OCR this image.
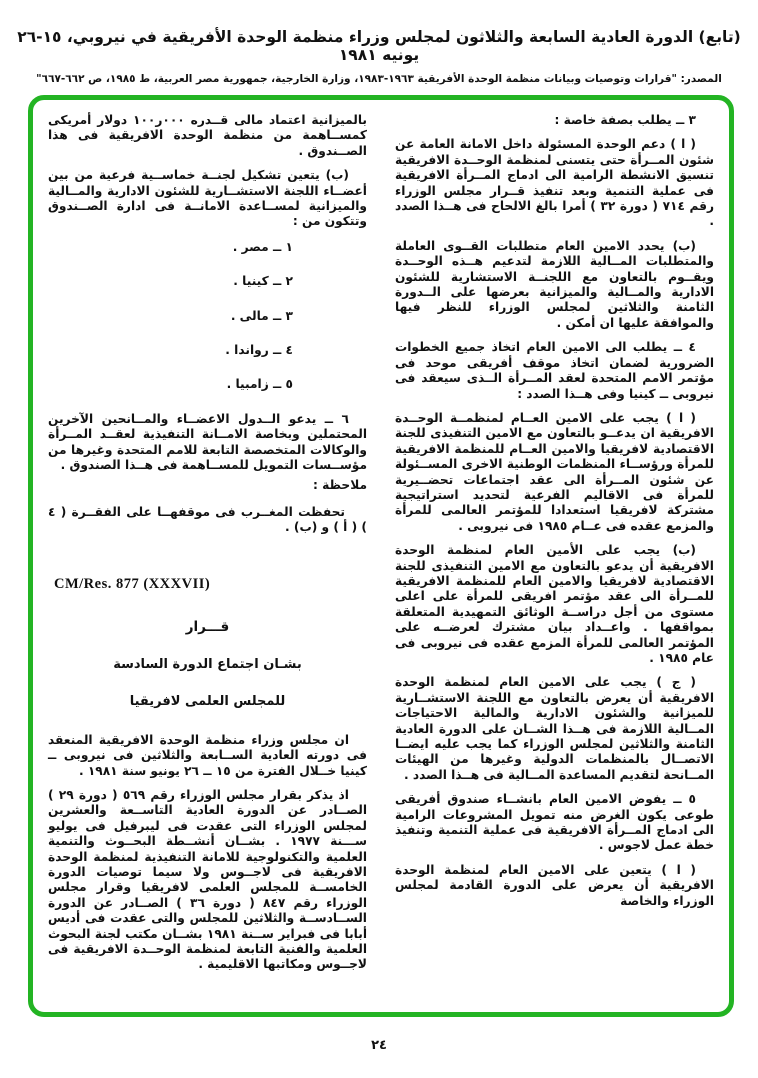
(تابع) الدورة العادية السابعة والثلاثون لمجلس وزراء منظمة الوحدة الأفريقية في نيروبي، ١٥-٢٦ يونيه ١٩٨١
المصدر: "قرارات وتوصيات وبيانات منظمة الوحدة الأفريقية ١٩٦٣-١٩٨٣، وزارة الخارجية، جمهورية مصر العربية، ط ١٩٨٥، ص ٦٦٢-٦٦٧"

٣ ــ يطلب بصفة خاصة :

( ا ) دعم الوحدة المسئولة داخل الامانة العامة عن شئون المــرأة حتى يتسنى لمنظمة الوحــدة الافريقية تنسيق الانشطة الرامية الى ادماج المــرأة الافريقية فى عملية التنمية وبعد تنفيذ قــرار مجلس الوزراء رقم ٧١٤ ( دورة ٣٢ ) أمرا بالغ الالحاح فى هــذا الصدد .

(ب) يحدد الامين العام متطلبات القــوى العاملة والمتطلبات المــالية اللازمة لتدعيم هــذه الوحــدة ويقــوم بالتعاون مع اللجنــة الاستشارية للشئون الادارية والمــالية والميزانية بعرضها على الــدورة الثامنة والثلاثين لمجلس الوزراء للنظر فيها والموافقة عليها ان أمكن .

٤ ــ يطلب الى الامين العام اتخاذ جميع الخطوات الضرورية لضمان اتخاذ موقف أفريقى موحد فى مؤتمر الامم المتحدة لعقد المــرأة الــذى سيعقد فى نيروبى ــ كينيا وفى هــذا الصدد :

( ا ) يجب على الامين العــام لمنظمــة الوحــدة الافريقية ان يدعــو بالتعاون مع الامين التنفيذى للجنة الاقتصادية لافريقيا والامين العــام للمنظمة الافريقية للمرأة ورؤســاء المنظمات الوطنية الاخرى المســئولة عن شئون المــرأة الى عقد اجتماعات تحضــيرية للمرأة فى الاقاليم الفرعية لتحديد استراتيجية مشتركة لافريقيا استعدادا للمؤتمر العالمى للمرأة والمزمع عقده فى عــام ١٩٨٥ فى نيروبى .

(ب) يجب على الأمين العام لمنظمة الوحدة الافريقية أن يدعو بالتعاون مع الامين التنفيذى للجنة الاقتصادية لافريقيا والامين العام للمنظمة الافريقية للمــرأة الى عقد مؤتمر افريقى للمرأة على اعلى مستوى من أجل دراســة الوثائق التمهيدية المتعلقة بمواقفها . واعــداد بيان مشترك لعرضــه على المؤتمر العالمى للمرأة المزمع عقده فى نيروبى فى عام ١٩٨٥ .

( ج ) يجب على الامين العام لمنظمة الوحدة الافريقية أن يعرض بالتعاون مع اللجنة الاستشــارية للميزانية والشئون الادارية والمالية الاحتياجات المــالية اللازمة فى هــذا الشــان على الدورة العادية الثامنة والثلاثين لمجلس الوزراء كما يجب عليه ايضــا الاتصــال بالمنظمات الدولية وغيرها من الهيئات المــانحة لتقديم المساعدة المــالية فى هــذا الصدد .

٥ ــ يفوض الامين العام بانشــاء صندوق أفريقى طوعى يكون الغرض منه تمويل المشروعات الرامية الى ادماج المــرأة الافريقية فى عملية التنمية وتنفيذ خطة عمل لاجوس .

( ا ) يتعين على الامين العام لمنظمة الوحدة الافريقية أن يعرض على الدورة القادمة لمجلس الوزراء والخاصة

بالميزانية اعتماد مالى قــدره ٠٠٠ر١٠٠ دولار أمريكى كمســاهمة من منظمة الوحدة الافريقية فى هذا الصــندوق .

(ب) يتعين تشكيل لجنــة خماســية فرعية من بين أعضــاء اللجنة الاستشــارية للشئون الادارية والمــالية والميزانية لمســاعدة الامانــة فى ادارة الصــندوق وتتكون من :

١ ــ مصر .
٢ ــ كينيا .
٣ ــ مالى .
٤ ــ رواندا .
٥ ــ زامبيا .

٦ ــ يدعو الــدول الاعضــاء والمــانحين الآخرين المحتملين وبخاصة الامــانة التنفيذية لعقــد المــرأة والوكالات المتخصصة التابعة للامم المتحدة وغيرها من مؤســسات التمويل للمســاهمة فى هــذا الصندوق .

ملاحظة :

تحفظت المغــرب فى موقفهــا على الفقــرة ( ٤ ) ( أ ) و (ب) .

CM/Res. 877 (XXXVII)
قـــرار
بشـان اجتماع الدورة السادسة
للمجلس العلمى لافريقيا

ان مجلس وزراء منظمة الوحدة الافريقية المنعقد فى دورته العادية الســابعة والثلاثين فى نيروبى ــ كينيا خــلال الفترة من ١٥ ــ ٢٦ يونيو سنة ١٩٨١ .

اذ يذكر بقرار مجلس الوزراء رقم ٥٦٩ ( دورة ٢٩ ) الصــادر عن الدورة العادية التاســعة والعشرين لمجلس الوزراء التى عقدت فى ليبرفيل فى يوليو ســـنة ١٩٧٧ . بشــان أنشــطة البحــوث والتنمية العلمية والتكنولوجية للامانة التنفيذية لمنظمة الوحدة الافريقية فى لاجــوس ولا سيما توصيات الدورة الخامســة للمجلس العلمى لافريقيا وقرار مجلس الوزراء رقم ٨٤٧ ( دورة ٣٦ ) الصــادر عن الدورة الســادســة والثلاثين للمجلس والتى عقدت فى أديس أبابا فى فبراير ســنة ١٩٨١ بشــان مكتب لجنة البحوث العلمية والفنية التابعة لمنظمة الوحــدة الافريقية فى لاجــوس ومكاتبها الاقليمية .

٢٤
